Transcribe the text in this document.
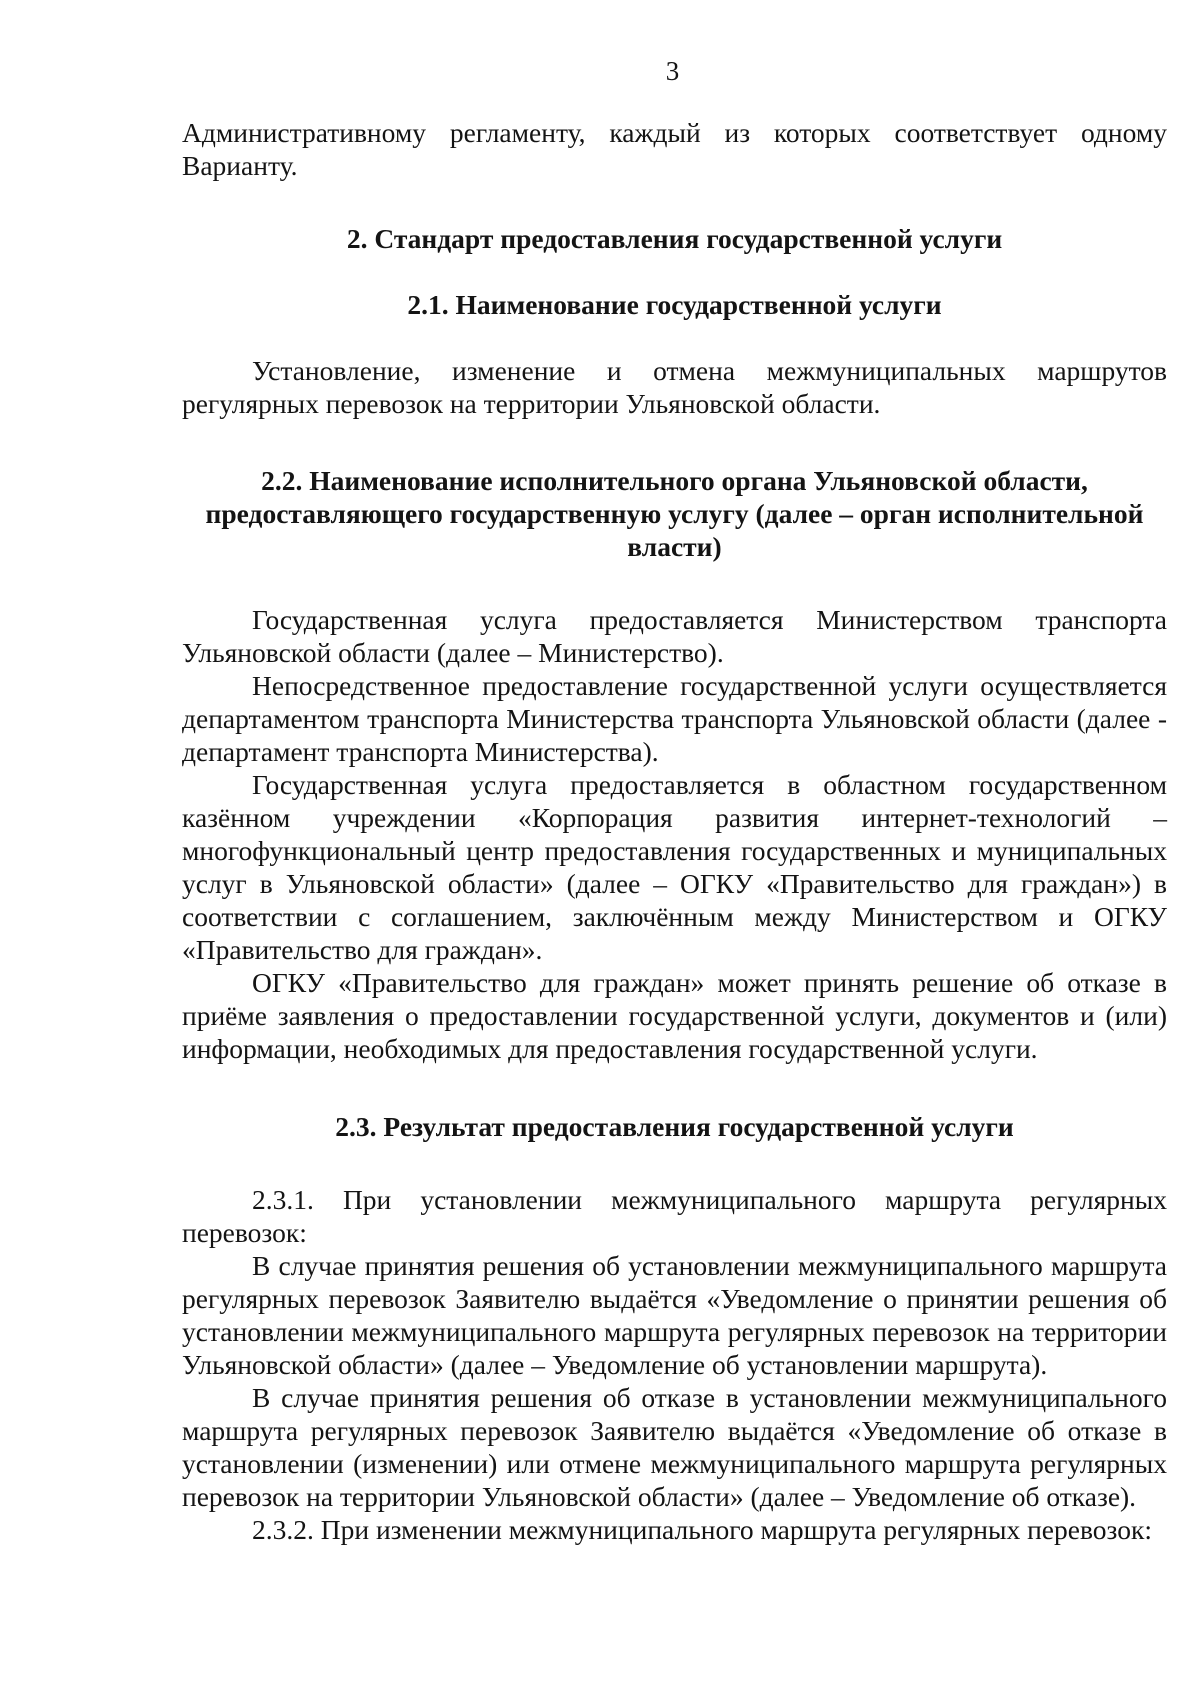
3

Административному регламенту, каждый из которых соответствует одному Варианту.

2. Стандарт предоставления государственной услуги
2.1. Наименование государственной услуги

Установление, изменение и отмена межмуниципальных маршрутов регулярных перевозок на территории Ульяновской области.

2.2. Наименование исполнительного органа Ульяновской области, предоставляющего государственную услугу (далее – орган исполнительной власти)

Государственная услуга предоставляется Министерством транспорта Ульяновской области (далее – Министерство).

Непосредственное предоставление государственной услуги осуществляется департаментом транспорта Министерства транспорта Ульяновской области (далее - департамент транспорта Министерства).

Государственная услуга предоставляется в областном государственном казённом учреждении «Корпорация развития интернет-технологий – многофункциональный центр предоставления государственных и муниципальных услуг в Ульяновской области» (далее – ОГКУ «Правительство для граждан») в соответствии с соглашением, заключённым между Министерством и ОГКУ «Правительство для граждан».

ОГКУ «Правительство для граждан» может принять решение об отказе в приёме заявления о предоставлении государственной услуги, документов и (или) информации, необходимых для предоставления государственной услуги.

2.3. Результат предоставления государственной услуги

2.3.1. При установлении межмуниципального маршрута регулярных перевозок:

В случае принятия решения об установлении межмуниципального маршрута регулярных перевозок Заявителю выдаётся «Уведомление о принятии решения об установлении межмуниципального маршрута регулярных перевозок на территории Ульяновской области» (далее – Уведомление об установлении маршрута).

В случае принятия решения об отказе в установлении межмуниципального маршрута регулярных перевозок Заявителю выдаётся «Уведомление об отказе в установлении (изменении) или отмене межмуниципального маршрута регулярных перевозок на территории Ульяновской области» (далее – Уведомление об отказе).

2.3.2. При изменении межмуниципального маршрута регулярных перевозок:
